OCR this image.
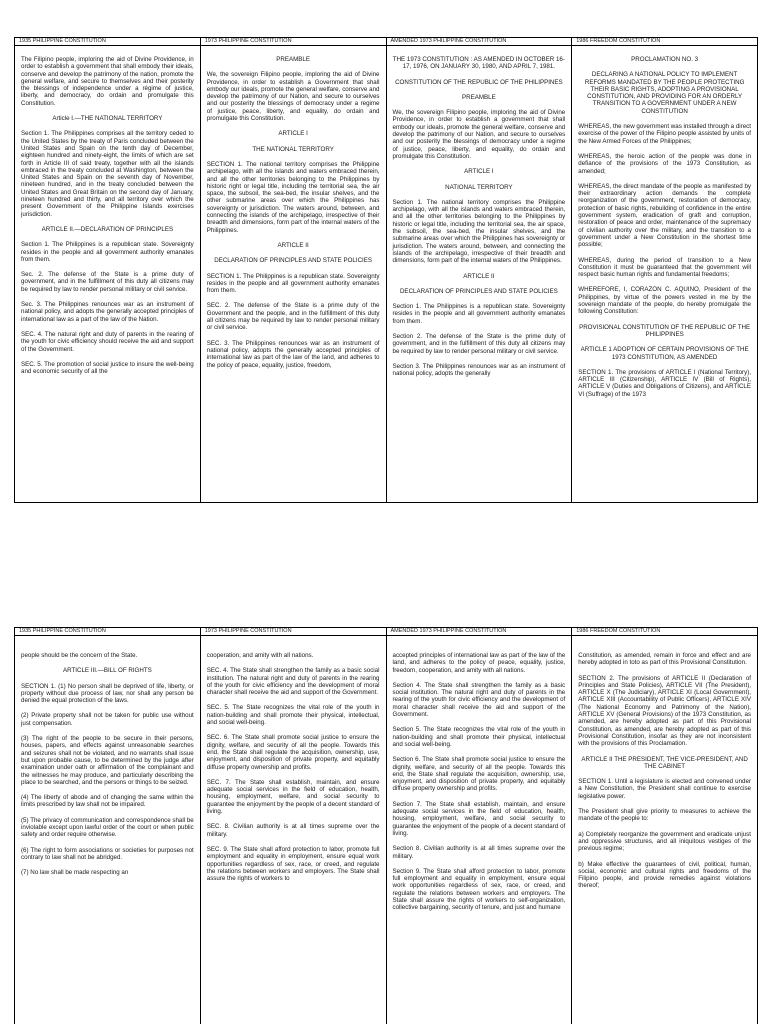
1935 PHILIPPINE CONSTITUTION	1973 PHILIPPINE CONSTITUTION	AMENDED 1973 PHILIPPINE CONSTITUTION	1986 FREEDOM CONSTITUTION

The Filipino people, imploring the aid of Divine Providence, in order to establish a government that shall embody their ideals, conserve and develop the patrimony of the nation, promote the general welfare, and secure to themselves and their posterity the blessings of independence under a régime of justice, liberty, and democracy, do ordain and promulgate this Constitution.

Article I.—THE NATIONAL TERRITORY

Section 1. The Philippines comprises all the territory ceded to the United States by the treaty of Paris concluded between the United States and Spain on the tenth day of December, eighteen hundred and ninety-eight, the limits of which are set forth in Article III of said treaty, together with all the islands embraced in the treaty concluded at Washington, between the United States and Spain on the seventh day of November, nineteen hundred, and in the treaty concluded between the United States and Great Britain on the second day of January, nineteen hundred and thirty, and all territory over which the present Government of the Philippine Islands exercises jurisdiction.

ARTICLE II.—DECLARATION OF PRINCIPLES

Section 1. The Philippines is a republican state. Sovereignty resides in the people and all government authority emanates from them.

Sec. 2. The defense of the State is a prime duty of government, and in the fulfillment of this duty all citizens may be required by law to render personal military or civil service.

Sec. 3. The Philippines renounces war as an instrument of national policy, and adopts the generally accepted principles of international law as a part of the law of the Nation.

SEC. 4. The natural right and duty of parents in the rearing of the youth for civic efficiency should receive the aid and support of the Government.

SEC. 5. The promotion of social justice to insure the well-being and economic security of all the

PREAMBLE

We, the sovereign Filipino people, imploring the aid of Divine Providence, in order to establish a Government that shall embody our ideals, promote the general welfare, conserve and develop the patrimony of our Nation, and secure to ourselves and our posterity the blessings of democracy under a regime of justice, peace, liberty, and equality, do ordain and promulgate this Constitution.

ARTICLE I

THE NATIONAL TERRITORY

SECTION 1. The national territory comprises the Philippine archipelago, with all the islands and waters embraced therein, and all the other territories belonging to the Philippines by historic right or legal title, including the territorial sea, the air space, the subsoil, the sea-bed, the insular shelves, and the other submarine areas over which the Philippines has sovereignty or jurisdiction. The waters around, between, and connecting the islands of the archipelago, irrespective of their breadth and dimensions, form part of the internal waters of the Philippines.

ARTICLE II

DECLARATION OF PRINCIPLES AND STATE POLICIES

SECTION 1. The Philippines is a republican state. Sovereignty resides in the people and all government authority emanates from them.

SEC. 2. The defense of the State is a prime duty of the Government and the people, and in the fulfillment of this duty all citizens may be required by law to render personal military or civil service.

SEC. 3. The Philippines renounces war as an instrument of national policy, adopts the generally accepted principles of international law as part of the law of the land, and adheres to the policy of peace, equality, justice, freedom,

THE 1973 CONSTITUTION : AS AMENDED IN OCTOBER 16-17, 1976, ON JANUARY 30, 1980, AND APRIL 7, 1981.

CONSTITUTION OF THE REPUBLIC OF THE PHILIPPINES

PREAMBLE

We, the sovereign Filipino people, imploring the aid of Divine Providence, in order to establish a government that shall embody our ideals, promote the general welfare, conserve and develop the patrimony of our Nation, and secure to ourselves and our posterity the blessings of democracy under a regime of justice, peace, liberty, and equality, do ordain and promulgate this Constitution.

ARTICLE I

NATIONAL TERRITORY

Section 1. The national territory comprises the Philippine archipelago, with all the islands and waters embraced therein, and all the other territories belonging to the Philippines by historic or legal title, including the territorial sea, the air space, the subsoil, the sea-bed, the insular shelves, and the submarine areas over which the Philippines has sovereignty or jurisdiction. The waters around, between, and connecting the islands of the archipelago, irrespective of their breadth and dimensions, form part of the internal waters of the Philippines.

ARTICLE II

DECLARATION OF PRINCIPLES AND STATE POLICIES

Section 1. The Philippines is a republican state. Sovereignty resides in the people and all government authority emanates from them.

Section 2. The defense of the State is the prime duty of government, and in the fulfillment of this duty all citizens may be required by law to render personal military or civil service.

Section 3. The Philippines renounces war as an instrument of national policy, adopts the generally

PROCLAMATION NO. 3

DECLARING A NATIONAL POLICY TO IMPLEMENT REFORMS MANDATED BY THE PEOPLE PROTECTING THEIR BASIC RIGHTS, ADOPTING A PROVISIONAL CONSTITUTION, AND PROVIDING FOR AN ORDERLY TRANSITION TO A GOVERNMENT UNDER A NEW CONSTITUTION

WHEREAS, the new government was installed through a direct exercise of the power of the Filipino people assisted by units of the New Armed Forces of the Philippines;

WHEREAS, the heroic action of the people was done in defiance of the provisions of the 1973 Constitution, as amended;

WHEREAS, the direct mandate of the people as manifested by their extraordinary action demands the complete reorganization of the government, restoration of democracy, protection of basic rights, rebuilding of confidence in the entire government system, eradication of graft and corruption, restoration of peace and order, maintenance of the supremacy of civilian authority over the military, and the transition to a government under a New Constitution in the shortest time possible;

WHEREAS, during the period of transition to a New Constitution it must be guaranteed that the government will respect basic human rights and fundamental freedoms;

WHEREFORE, I, CORAZON C. AQUINO, President of the Philippines, by virtue of the powers vested in me by the sovereign mandate of the people, do hereby promulgate the following Constitution:

PROVISIONAL CONSTITUTION OF THE REPUBLIC OF THE PHILIPPINES

ARTICLE 1 ADOPTION OF CERTAIN PROVISIONS OF THE 1973 CONSTITUTION, AS AMENDED

SECTION 1. The provisions of ARTICLE I (National Territory), ARTICLE III (Citizenship), ARTICLE IV (Bill of Rights), ARTICLE V (Duties and Obligations of Citizens), and ARTICLE VI (Suffrage) of the 1973

1935 PHILIPPINE CONSTITUTION	1973 PHILIPPINE CONSTITUTION	AMENDED 1973 PHILIPPINE CONSTITUTION	1986 FREEDOM CONSTITUTION

people should be the concern of the State.

ARTICLE III.—BILL OF RIGHTS

SECTION 1. (1) No person shall be deprived of life, liberty, or property without due process of law, nor shall any person be denied the equal protection of the laws.

(2) Private property shall not be taken for public use without just compensation.

(3) The right of the people to be secure in their persons, houses, papers, and effects against unreasonable searches and seizures shall not be violated, and no warrants shall issue but upon probable cause, to be determined by the judge after examination under oath or affirmation of the complainant and the witnesses he may produce, and particularly describing the place to be searched, and the persons or things to be seized.

(4) The liberty of abode and of changing the same within the limits prescribed by law shall not be impaired.

(5) The privacy of communication and correspondence shall be inviolable except upon lawful order of the court or when public safety and order require otherwise.

(6) The right to form associations or societies for purposes not contrary to law shall not be abridged.

(7) No law shall be made respecting an

cooperation, and amity with all nations.

SEC. 4. The State shall strengthen the family as a basic social institution. The natural right and duty of parents in the rearing of the youth for civic efficiency and the development of moral character shall receive the aid and support of the Government.

SEC. 5. The State recognizes the vital role of the youth in nation-building and shall promote their physical, intellectual, and social well-being.

SEC. 6. The State shall promote social justice to ensure the dignity, welfare, and security of all the people. Towards this end, the State shall regulate the acquisition, ownership, use, enjoyment, and disposition of private property, and equitably diffuse property ownership and profits.

SEC. 7. The State shall establish, maintain, and ensure adequate social services in the field of education, health, housing, employment, welfare, and social security to guarantee the enjoyment by the people of a decent standard of living.

SEC. 8. Civilian authority is at all times supreme over the military.

SEC. 9. The State shall afford protection to labor, promote full employment and equality in employment, ensure equal work opportunities regardless of sex, race, or creed, and regulate the relations between workers and employers. The State shall assure the rights of workers to

accepted principles of international law as part of the law of the land, and adheres to the policy of peace, equality, justice, freedom, cooperation, and amity with all nations.

Section 4. The State shall strengthen the family as a basic social institution. The natural right and duty of parents in the rearing of the youth for civic efficiency and the development of moral character shall receive the aid and support of the Government.

Section 5. The State recognizes the vital role of the youth in nation-building and shall promote their physical, intellectual and social well-being.

Section 6. The State shall promote social justice to ensure the dignity, welfare, and security of all the people. Towards this end, the State shall regulate the acquisition, ownership, use, enjoyment, and disposition of private property, and equitably diffuse property ownership and profits.

Section 7. The State shall establish, maintain, and ensure adequate social services in the field of education, health, housing, employment, welfare, and social security to guarantee the enjoyment of the people of a decent standard of living.

Section 8. Civilian authority is at all times supreme over the military.

Section 9. The State shall afford protection to labor, promote full employment and equality in employment, ensure equal work opportunities regardless of sex, race, or creed, and regulate the relations between workers and employers. The State shall assure the rights of workers to self-organization, collective bargaining, security of tenure, and just and humane

Constitution, as amended, remain in force and effect and are hereby adopted in toto as part of this Provisional Constitution.

SECTION 2. The provisions of ARTICLE II (Declaration of Principles and State Policies), ARTICLE VII (The President), ARTICLE X (The Judiciary), ARTICLE XI (Local Government), ARTICLE XIII (Accountability of Public Officers), ARTICLE XIV (The National Economy and Patrimony of the Nation), ARTICLE XV (General Provisions) of the 1973 Constitution, as amended, are hereby adopted as part of this Provisional Constitution, as amended, are hereby adopted as part of this Provisional Constitution, insofar as they are not inconsistent with the provisions of this Proclamation.

ARTICLE II THE PRESIDENT, THE VICE-PRESIDENT, AND THE CABINET

SECTION 1. Until a legislature is elected and convened under a New Constitution, the President shall continue to exercise legislative power.

The President shall give priority to measures to achieve the mandate of the people to:

a) Completely reorganize the government and eradicate unjust and oppressive structures, and all iniquitous vestiges of the previous regime;

b) Make effective the guarantees of civil, political, human, social, economic and cultural rights and freedoms of the Filipino people, and provide remedies against violations thereof;
